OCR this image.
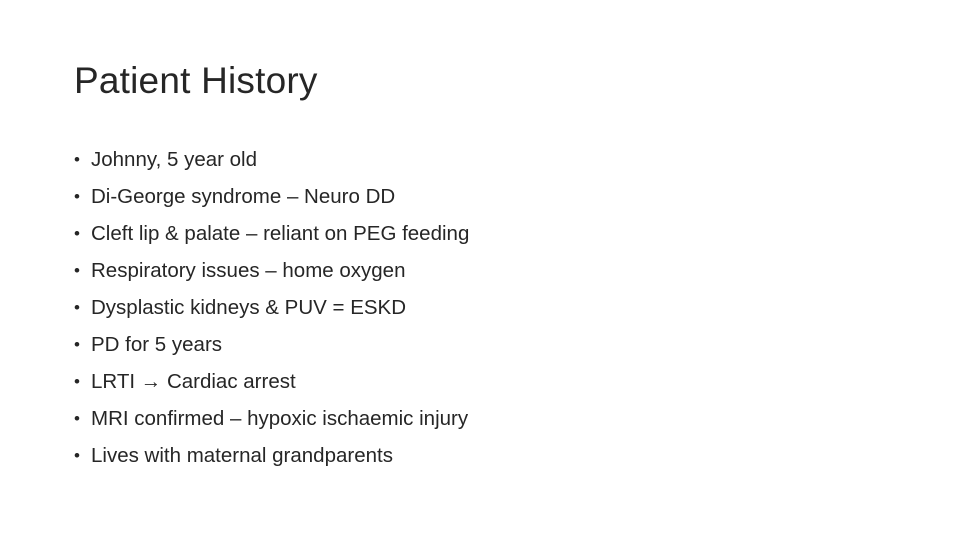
Patient History
• Johnny, 5 year old
• Di-George syndrome – Neuro DD
• Cleft lip & palate – reliant on PEG feeding
• Respiratory issues – home oxygen
• Dysplastic kidneys & PUV = ESKD
• PD for 5 years
• LRTI → Cardiac arrest
• MRI confirmed – hypoxic ischaemic injury
• Lives with maternal grandparents
